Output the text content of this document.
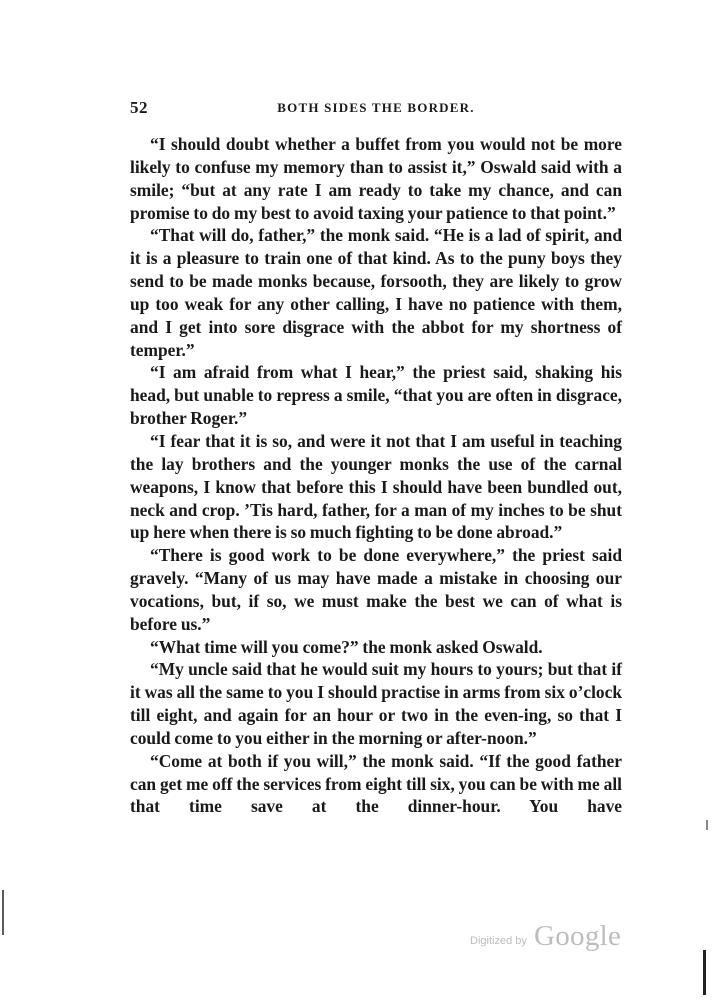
52	BOTH SIDES THE BORDER.

“I should doubt whether a buffet from you would not be more likely to confuse my memory than to assist it,” Oswald said with a smile; “but at any rate I am ready to take my chance, and can promise to do my best to avoid taxing your patience to that point.”

“That will do, father,” the monk said. “He is a lad of spirit, and it is a pleasure to train one of that kind. As to the puny boys they send to be made monks because, forsooth, they are likely to grow up too weak for any other calling, I have no patience with them, and I get into sore disgrace with the abbot for my shortness of temper.”

“I am afraid from what I hear,” the priest said, shaking his head, but unable to repress a smile, “that you are often in disgrace, brother Roger.”

“I fear that it is so, and were it not that I am useful in teaching the lay brothers and the younger monks the use of the carnal weapons, I know that before this I should have been bundled out, neck and crop. ’Tis hard, father, for a man of my inches to be shut up here when there is so much fighting to be done abroad.”

“There is good work to be done everywhere,” the priest said gravely. “Many of us may have made a mistake in choosing our vocations, but, if so, we must make the best we can of what is before us.”

“What time will you come?” the monk asked Oswald.

“My uncle said that he would suit my hours to yours; but that if it was all the same to you I should practise in arms from six o’clock till eight, and again for an hour or two in the even-ing, so that I could come to you either in the morning or after-noon.”

“Come at both if you will,” the monk said. “If the good father can get me off the services from eight till six, you can be with me all that time save at the dinner-hour. You have

Digitized by Google
